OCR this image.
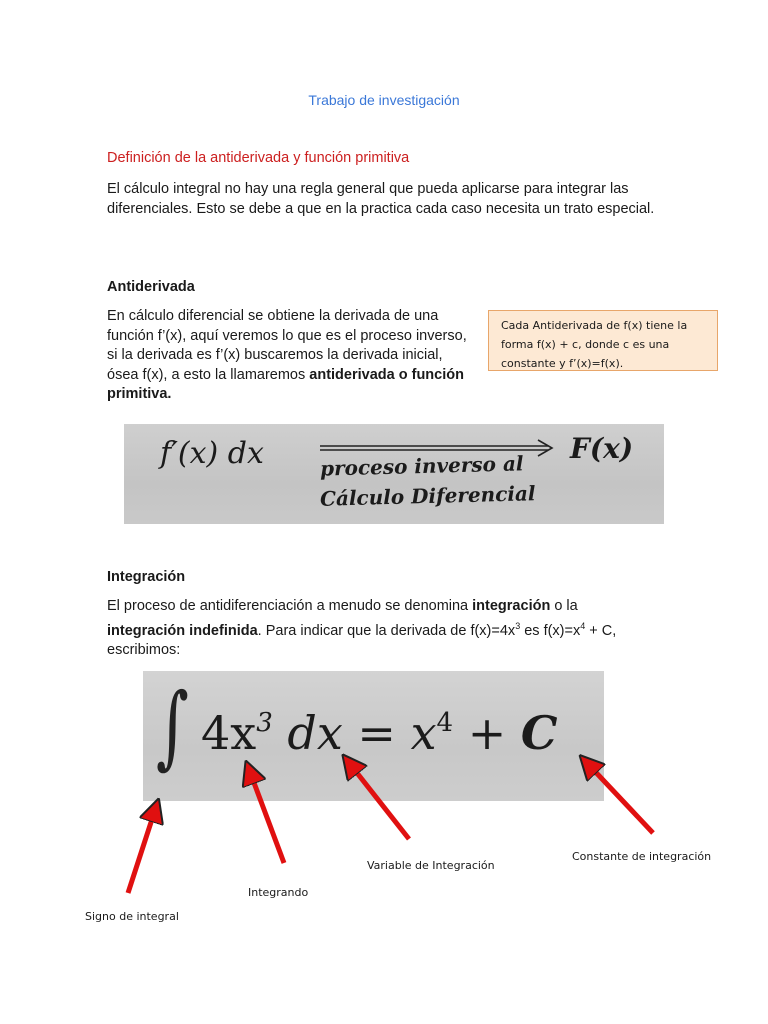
Trabajo de investigación
Definición de la antiderivada y función primitiva
El cálculo integral no hay una regla general que pueda aplicarse para integrar las diferenciales. Esto se debe a que en la practica cada caso necesita un trato especial.
Antiderivada
En cálculo diferencial se obtiene la derivada de una
función f’(x), aquí veremos lo que es el proceso inverso,
si la derivada es f’(x) buscaremos la derivada inicial,
ósea f(x), a esto la llamaremos antiderivada o función
primitiva.
Cada Antiderivada de f(x) tiene la
forma f(x) + c, donde c es una
constante y f’(x)=f(x).
f′(x) dx	proceso inverso al
Cálculo Diferencial
F(x)
Integración
El proceso de antidiferenciación a menudo se denomina integración o la
integración indefinida. Para indicar que la derivada de $f(x)=4x^3$ es $f(x)=x^4 + C$,
escribimos:
∫ $4x^3$ dx = $x^4 + C$
Signo de integral
Integrando
Variable de Integración
Constante de integración
